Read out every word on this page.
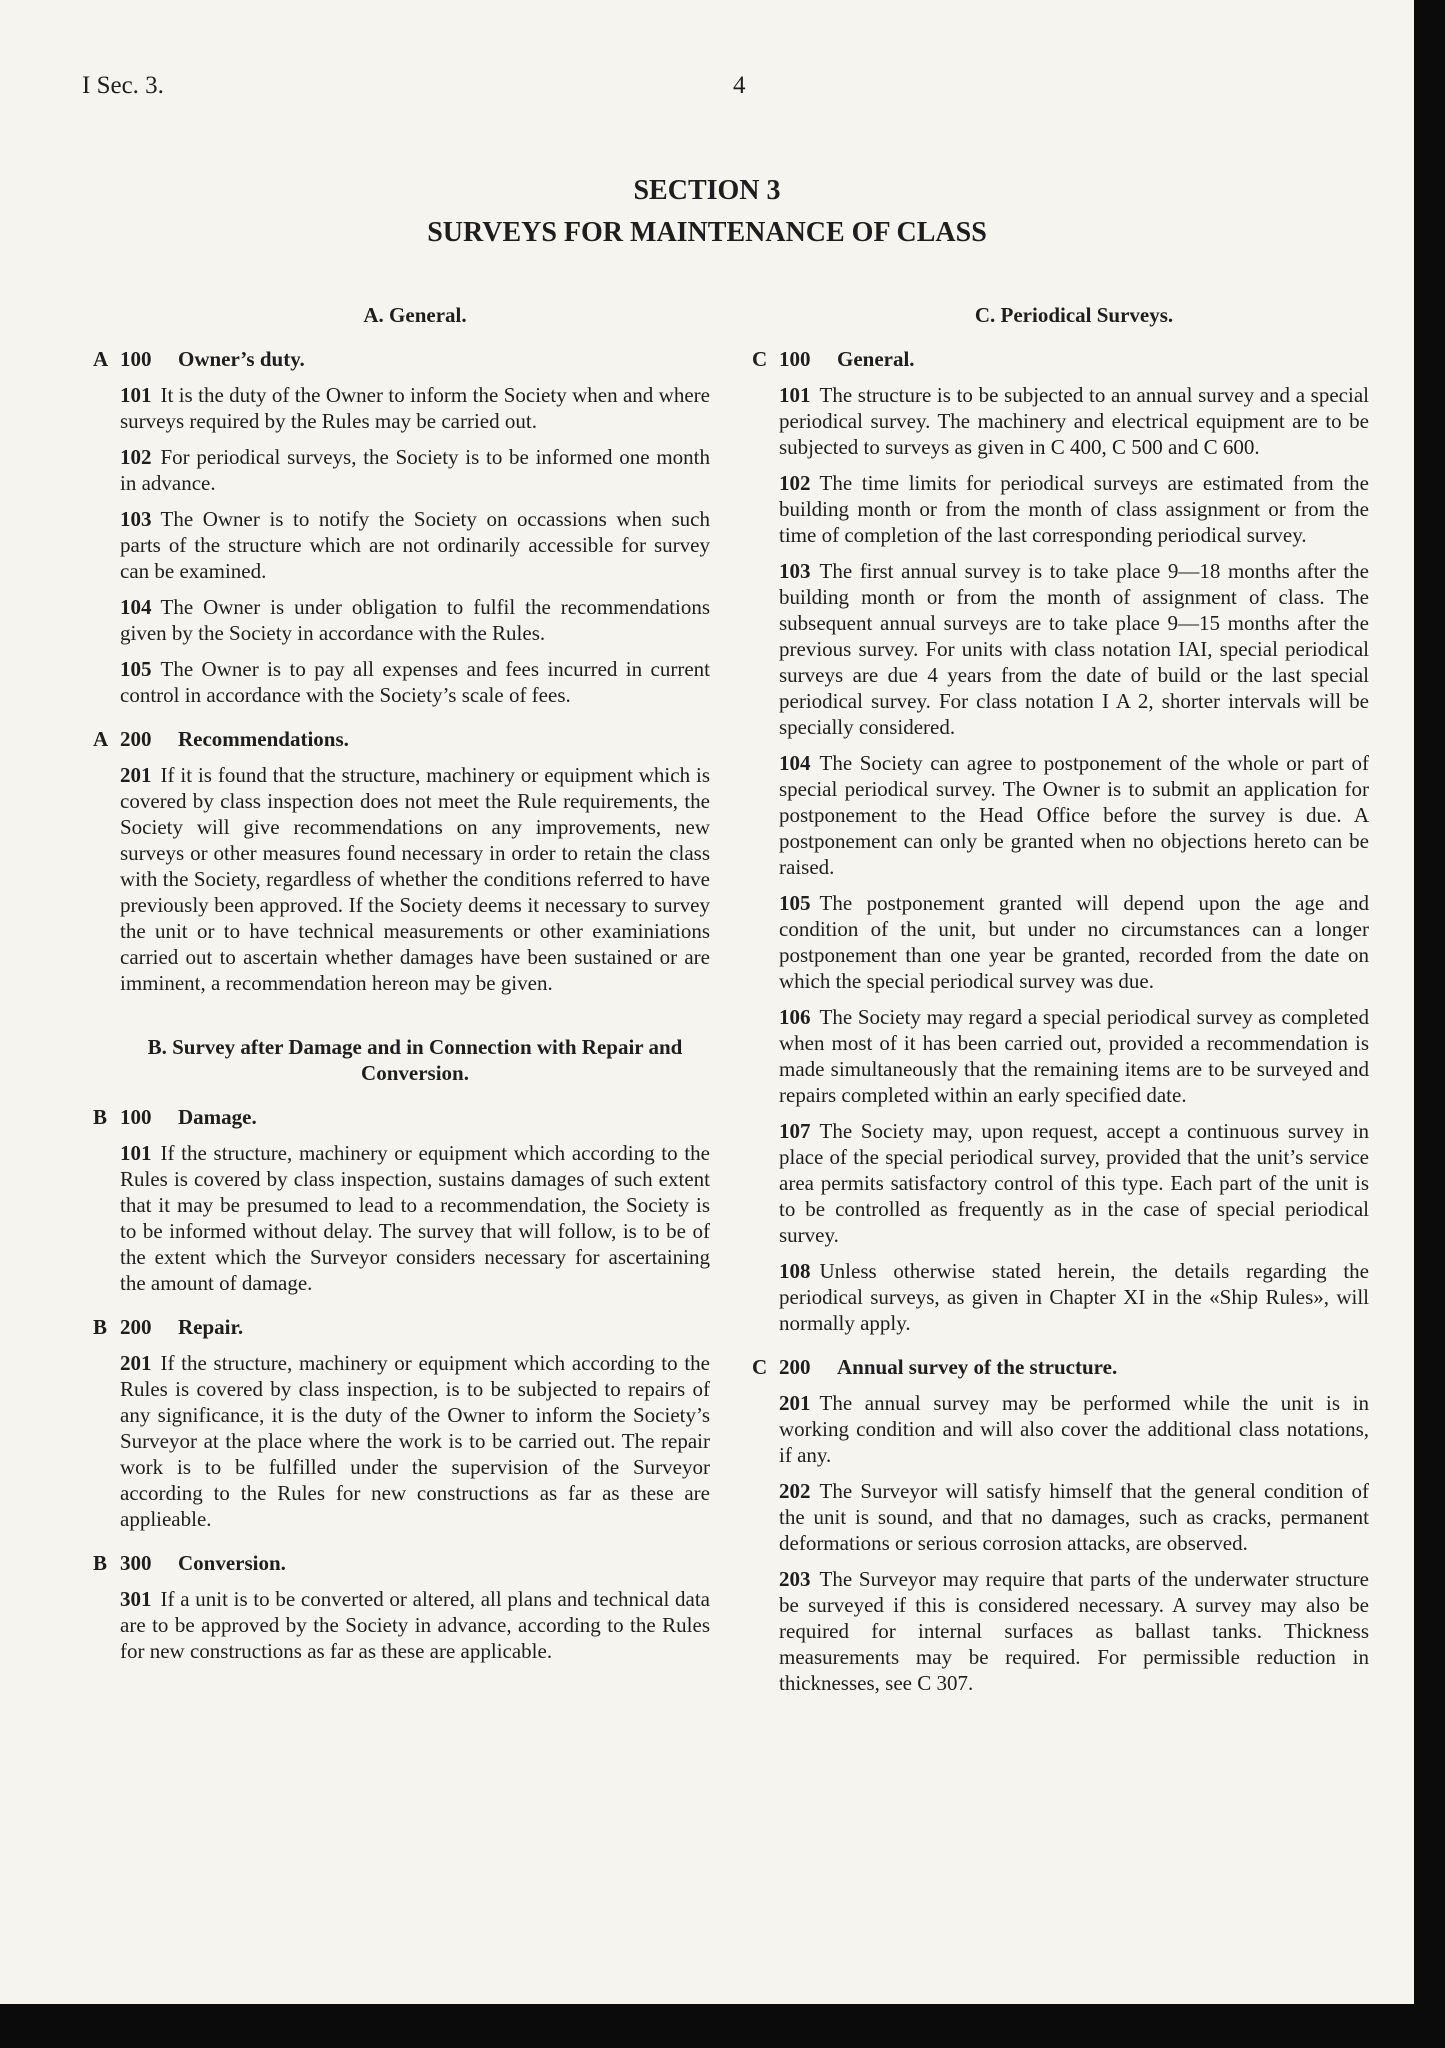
I Sec. 3.	4
SECTION 3
SURVEYS FOR MAINTENANCE OF CLASS
A. General.
A 100 Owner’s duty.
101 It is the duty of the Owner to inform the Society when and where surveys required by the Rules may be carried out.
102 For periodical surveys, the Society is to be informed one month in advance.
103 The Owner is to notify the Society on occassions when such parts of the structure which are not ordinarily accessible for survey can be examined.
104 The Owner is under obligation to fulfil the recommendations given by the Society in accordance with the Rules.
105 The Owner is to pay all expenses and fees incurred in current control in accordance with the Society’s scale of fees.
A 200 Recommendations.
201 If it is found that the structure, machinery or equipment which is covered by class inspection does not meet the Rule requirements, the Society will give recommendations on any improvements, new surveys or other measures found necessary in order to retain the class with the Society, regardless of whether the conditions referred to have previously been approved. If the Society deems it necessary to survey the unit or to have technical measurements or other examiniations carried out to ascertain whether damages have been sustained or are imminent, a recommendation hereon may be given.
B. Survey after Damage and in Connection with Repair and Conversion.
B 100 Damage.
101 If the structure, machinery or equipment which according to the Rules is covered by class inspection, sustains damages of such extent that it may be presumed to lead to a recommendation, the Society is to be informed without delay. The survey that will follow, is to be of the extent which the Surveyor considers necessary for ascertaining the amount of damage.
B 200 Repair.
201 If the structure, machinery or equipment which according to the Rules is covered by class inspection, is to be subjected to repairs of any significance, it is the duty of the Owner to inform the Society’s Surveyor at the place where the work is to be carried out. The repair work is to be fulfilled under the supervision of the Surveyor according to the Rules for new constructions as far as these are applieable.
B 300 Conversion.
301 If a unit is to be converted or altered, all plans and technical data are to be approved by the Society in advance, according to the Rules for new constructions as far as these are applicable.
C. Periodical Surveys.
C 100 General.
101 The structure is to be subjected to an annual survey and a special periodical survey. The machinery and electrical equipment are to be subjected to surveys as given in C 400, C 500 and C 600.
102 The time limits for periodical surveys are estimated from the building month or from the month of class assignment or from the time of completion of the last corresponding periodical survey.
103 The first annual survey is to take place 9—18 months after the building month or from the month of assignment of class. The subsequent annual surveys are to take place 9—15 months after the previous survey. For units with class notation IAI, special periodical surveys are due 4 years from the date of build or the last special periodical survey. For class notation I A 2, shorter intervals will be specially considered.
104 The Society can agree to postponement of the whole or part of special periodical survey. The Owner is to submit an application for postponement to the Head Office before the survey is due. A postponement can only be granted when no objections hereto can be raised.
105 The postponement granted will depend upon the age and condition of the unit, but under no circumstances can a longer postponement than one year be granted, recorded from the date on which the special periodical survey was due.
106 The Society may regard a special periodical survey as completed when most of it has been carried out, provided a recommendation is made simultaneously that the remaining items are to be surveyed and repairs completed within an early specified date.
107 The Society may, upon request, accept a continuous survey in place of the special periodical survey, provided that the unit’s service area permits satisfactory control of this type. Each part of the unit is to be controlled as frequently as in the case of special periodical survey.
108 Unless otherwise stated herein, the details regarding the periodical surveys, as given in Chapter XI in the «Ship Rules», will normally apply.
C 200 Annual survey of the structure.
201 The annual survey may be performed while the unit is in working condition and will also cover the additional class notations, if any.
202 The Surveyor will satisfy himself that the general condition of the unit is sound, and that no damages, such as cracks, permanent deformations or serious corrosion attacks, are observed.
203 The Surveyor may require that parts of the underwater structure be surveyed if this is considered necessary. A survey may also be required for internal surfaces as ballast tanks. Thickness measurements may be required. For permissible reduction in thicknesses, see C 307.
